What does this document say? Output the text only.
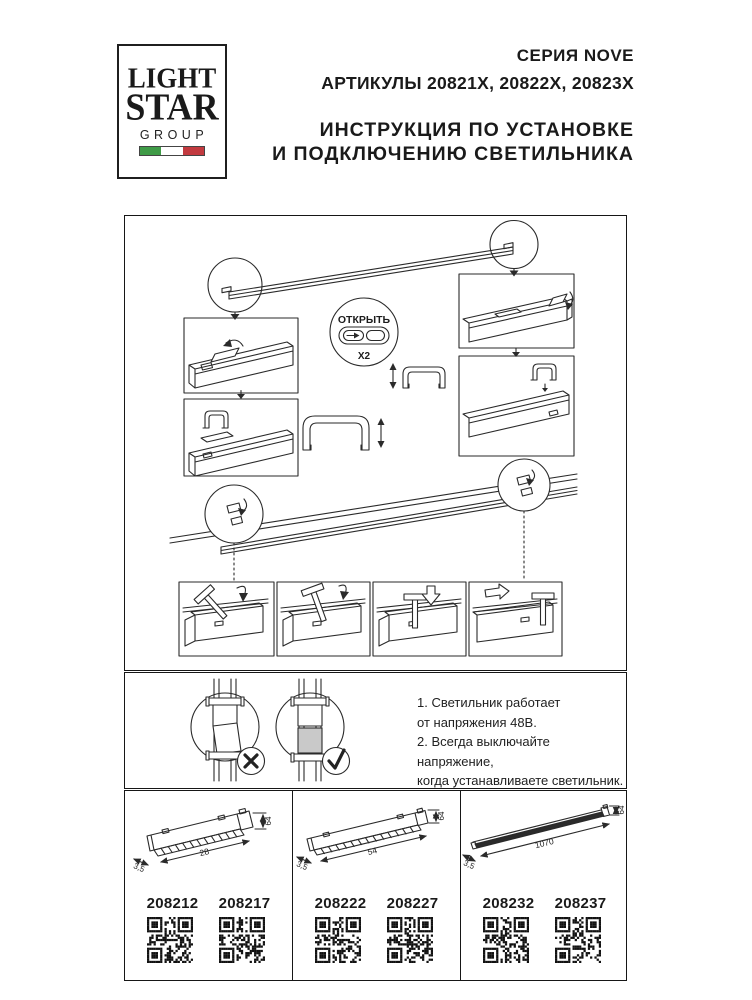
LIGHT
STAR
GROUP
СЕРИЯ NOVE
АРТИКУЛЫ 20821X, 20822X, 20823X
ИНСТРУКЦИЯ ПО УСТАНОВКЕ
И ПОДКЛЮЧЕНИЮ СВЕТИЛЬНИКА
ОТКРЫТЬ
X2
1. Светильник работает
от напряжения 48В.
2. Всегда выключайте напряжение,
когда устанавливаете светильник.
28
3,5
64
208212 208217
54
3,5
64
208222 208227
1070
3,5
64
208232 208237
